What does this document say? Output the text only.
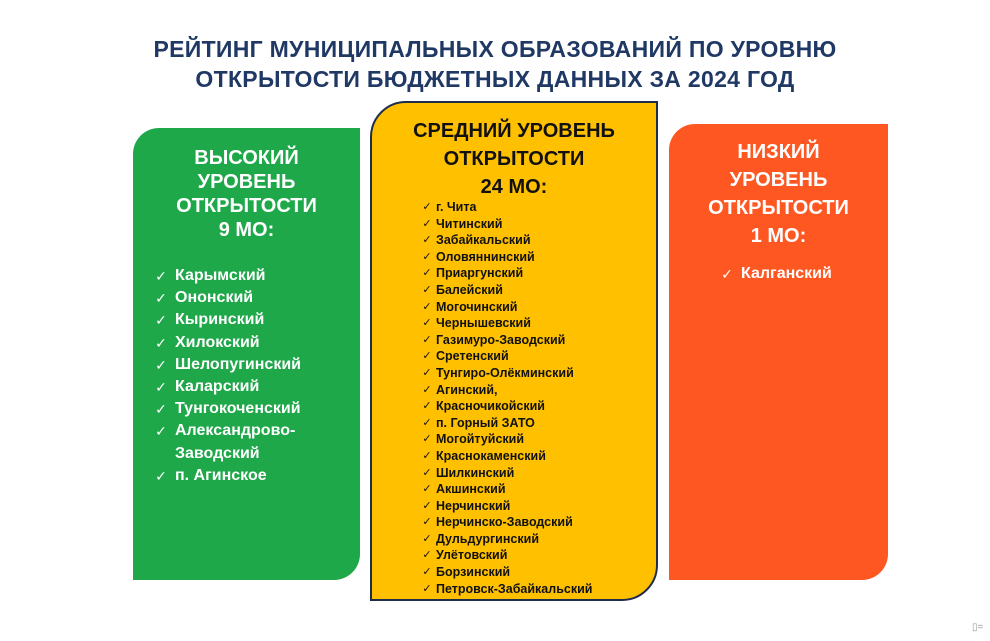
РЕЙТИНГ МУНИЦИПАЛЬНЫХ ОБРАЗОВАНИЙ ПО УРОВНЮ
ОТКРЫТОСТИ БЮДЖЕТНЫХ ДАННЫХ ЗА 2024 ГОД
ВЫСОКИЙ
УРОВЕНЬ
ОТКРЫТОСТИ
9 МО:
✓ Карымский
✓ Ононский
✓ Кыринский
✓ Хилокский
✓ Шелопугинский
✓ Каларский
✓ Тунгокоченский
✓ Александрово-Заводский
✓ п. Агинское
СРЕДНИЙ УРОВЕНЬ
ОТКРЫТОСТИ
24 МО:
✓ г. Чита
✓ Читинский
✓ Забайкальский
✓ Оловяннинский
✓ Приаргунский
✓ Балейский
✓ Могочинский
✓ Чернышевский
✓ Газимуро-Заводский
✓ Сретенский
✓ Тунгиро-Олёкминский
✓ Агинский,
✓ Красночикойский
✓ п. Горный ЗАТО
✓ Могойтуйский
✓ Краснокаменский
✓ Шилкинский
✓ Акшинский
✓ Нерчинский
✓ Нерчинско-Заводский
✓ Дульдургинский
✓ Улётовский
✓ Борзинский
✓ Петровск-Забайкальский
НИЗКИЙ
УРОВЕНЬ
ОТКРЫТОСТИ
1 МО:
✓ Калганский
▯=
